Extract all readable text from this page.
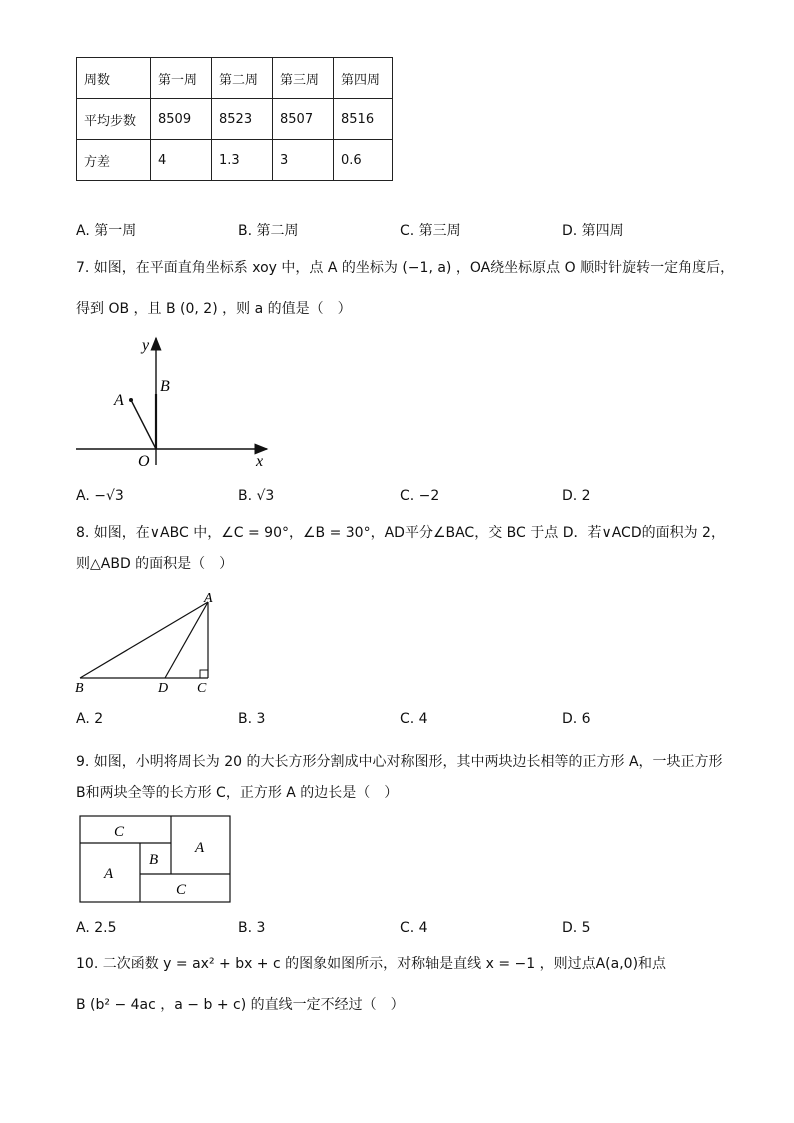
周数	第一周	第二周	第三周	第四周
平均步数	8509	8523	8507	8516
方差	4	1.3	3	0.6
A. 第一周	B. 第二周	C. 第三周	D. 第四周
7. 如图，在平面直角坐标系 xoy 中，点 A 的坐标为 (−1, a) ，OA绕坐标原点 O 顺时针旋转一定角度后，
得到 OB ，且 B (0, 2) ，则 a 的值是（　）
y
x
O
A
B
A. −√3	B. √3	C. −2	D. 2
8. 如图，在∨ABC 中，∠C = 90°，∠B = 30°，AD平分∠BAC，交 BC 于点 D．若∨ACD的面积为 2，
则△ABD 的面积是（　）
A
B	D C
A. 2	B. 3	C. 4	D. 6
9. 如图，小明将周长为 20 的大长方形分割成中心对称图形，其中两块边长相等的正方形 A，一块正方形
B和两块全等的长方形 C，正方形 A 的边长是（　）
C
A
B
A
C
A. 2.5	B. 3	C. 4	D. 5
10. 二次函数 y = ax² + bx + c 的图象如图所示，对称轴是直线 x = −1 ，则过点A(a,0)和点
B (b² − 4ac ，a − b + c) 的直线一定不经过（　）
